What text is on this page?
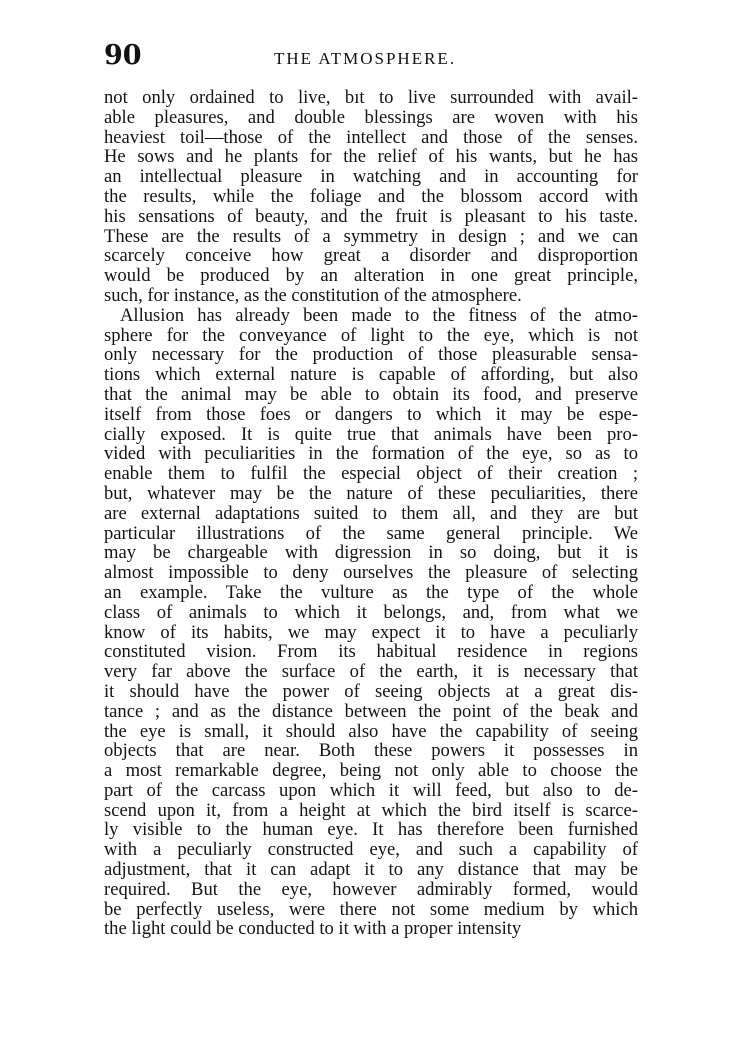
90	THE ATMOSPHERE.
not only ordained to live, bıt to live surrounded with avail-
able pleasures, and double blessings are woven with his
heaviest toil—those of the intellect and those of the senses.
He sows and he plants for the relief of his wants, but he has
an intellectual pleasure in watching and in accounting for
the results, while the foliage and the blossom accord with
his sensations of beauty, and the fruit is pleasant to his taste.
These are the results of a symmetry in design ; and we can
scarcely conceive how great a disorder and disproportion
would be produced by an alteration in one great principle,
such, for instance, as the constitution of the atmosphere.
Allusion has already been made to the fitness of the atmo-
sphere for the conveyance of light to the eye, which is not
only necessary for the production of those pleasurable sensa-
tions which external nature is capable of affording, but also
that the animal may be able to obtain its food, and preserve
itself from those foes or dangers to which it may be espe-
cially exposed. It is quite true that animals have been pro-
vided with peculiarities in the formation of the eye, so as to
enable them to fulfil the especial object of their creation ;
but, whatever may be the nature of these peculiarities, there
are external adaptations suited to them all, and they are but
particular illustrations of the same general principle. We
may be chargeable with digression in so doing, but it is
almost impossible to deny ourselves the pleasure of selecting
an example. Take the vulture as the type of the whole
class of animals to which it belongs, and, from what we
know of its habits, we may expect it to have a peculiarly
constituted vision. From its habitual residence in regions
very far above the surface of the earth, it is necessary that
it should have the power of seeing objects at a great dis-
tance ; and as the distance between the point of the beak and
the eye is small, it should also have the capability of seeing
objects that are near. Both these powers it possesses in
a most remarkable degree, being not only able to choose the
part of the carcass upon which it will feed, but also to de-
scend upon it, from a height at which the bird itself is scarce-
ly visible to the human eye. It has therefore been furnished
with a peculiarly constructed eye, and such a capability of
adjustment, that it can adapt it to any distance that may be
required. But the eye, however admirably formed, would
be perfectly useless, were there not some medium by which
the light could be conducted to it with a proper intensity
